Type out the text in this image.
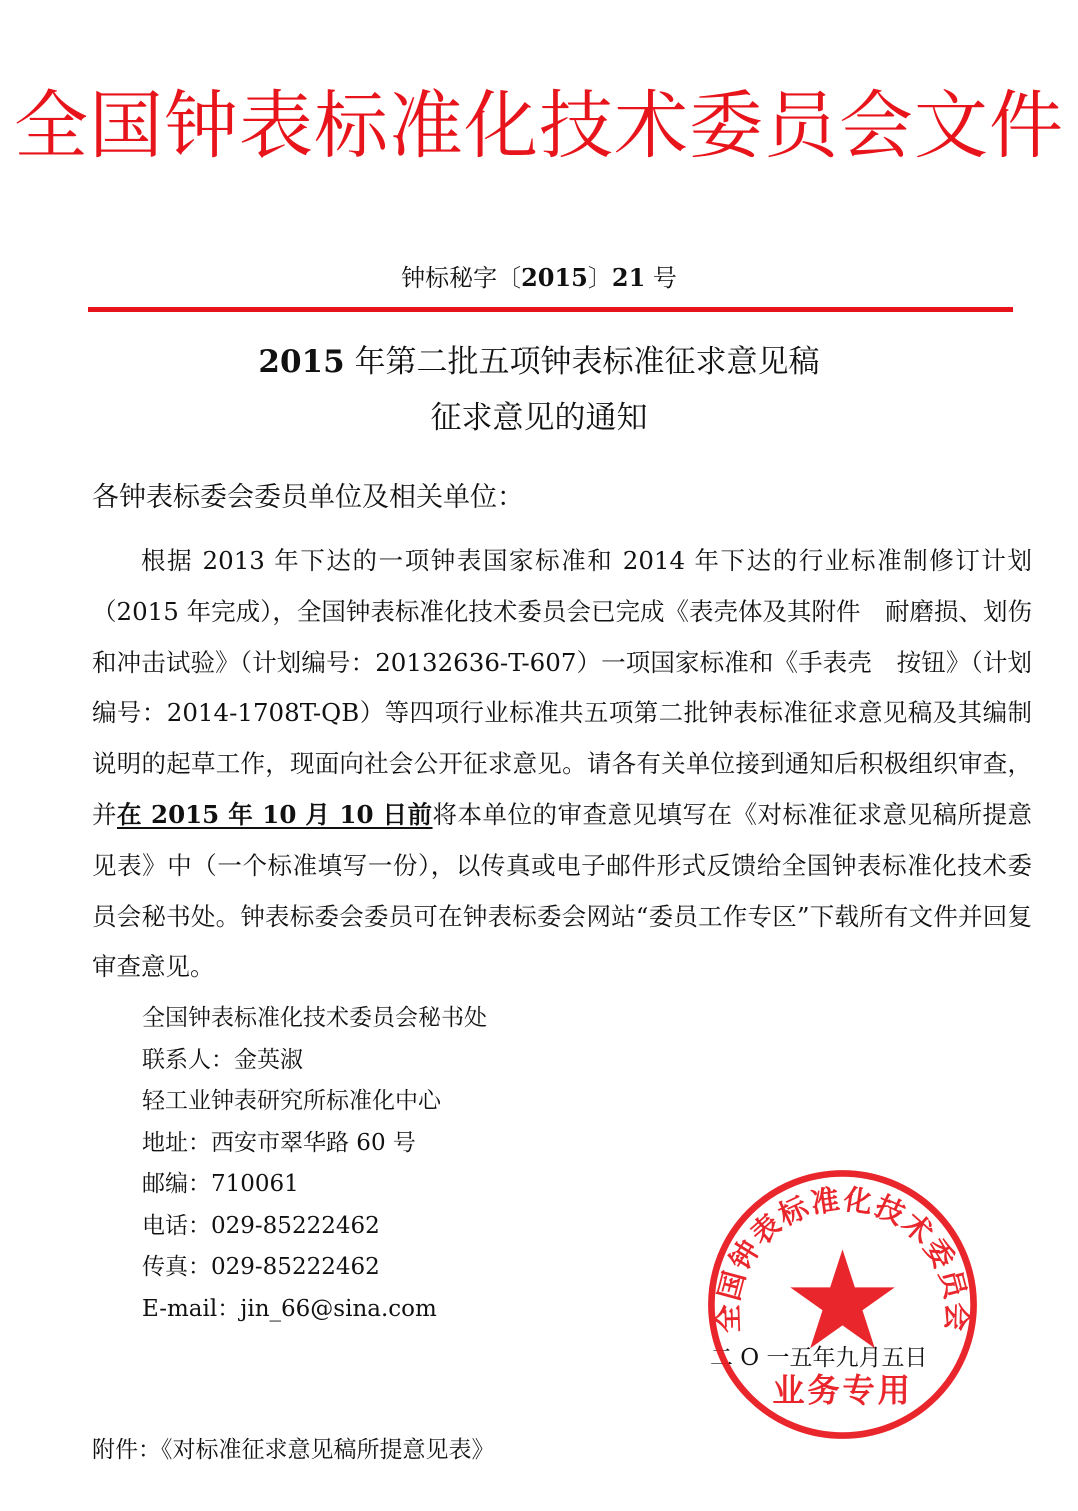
全国钟表标准化技术委员会文件
钟标秘字〔2015〕21 号
2015 年第二批五项钟表标准征求意见稿
征求意见的通知
各钟表标委会委员单位及相关单位：

根据 2013 年下达的一项钟表国家标准和 2014 年下达的行业标准制修订计划（2015 年完成），全国钟表标准化技术委员会已完成《表壳体及其附件　耐磨损、划伤和冲击试验》（计划编号：20132636-T-607）一项国家标准和《手表壳　按钮》（计划编号：2014-1708T-QB）等四项行业标准共五项第二批钟表标准征求意见稿及其编制说明的起草工作，现面向社会公开征求意见。请各有关单位接到通知后积极组织审查，并在 2015 年 10 月 10 日前将本单位的审查意见填写在《对标准征求意见稿所提意见表》中（一个标准填写一份），以传真或电子邮件形式反馈给全国钟表标准化技术委员会秘书处。钟表标委会委员可在钟表标委会网站“委员工作专区”下载所有文件并回复审查意见。

全国钟表标准化技术委员会秘书处
联系人：金英淑
轻工业钟表研究所标准化中心
地址：西安市翠华路 60 号
邮编：710061
电话：029-85222462
传真：029-85222462
E-mail：jin_66@sina.com
二 O 一五年九月五日
附件：《对标准征求意见稿所提意见表》
全国钟表标准化技术委员会
业务专用
